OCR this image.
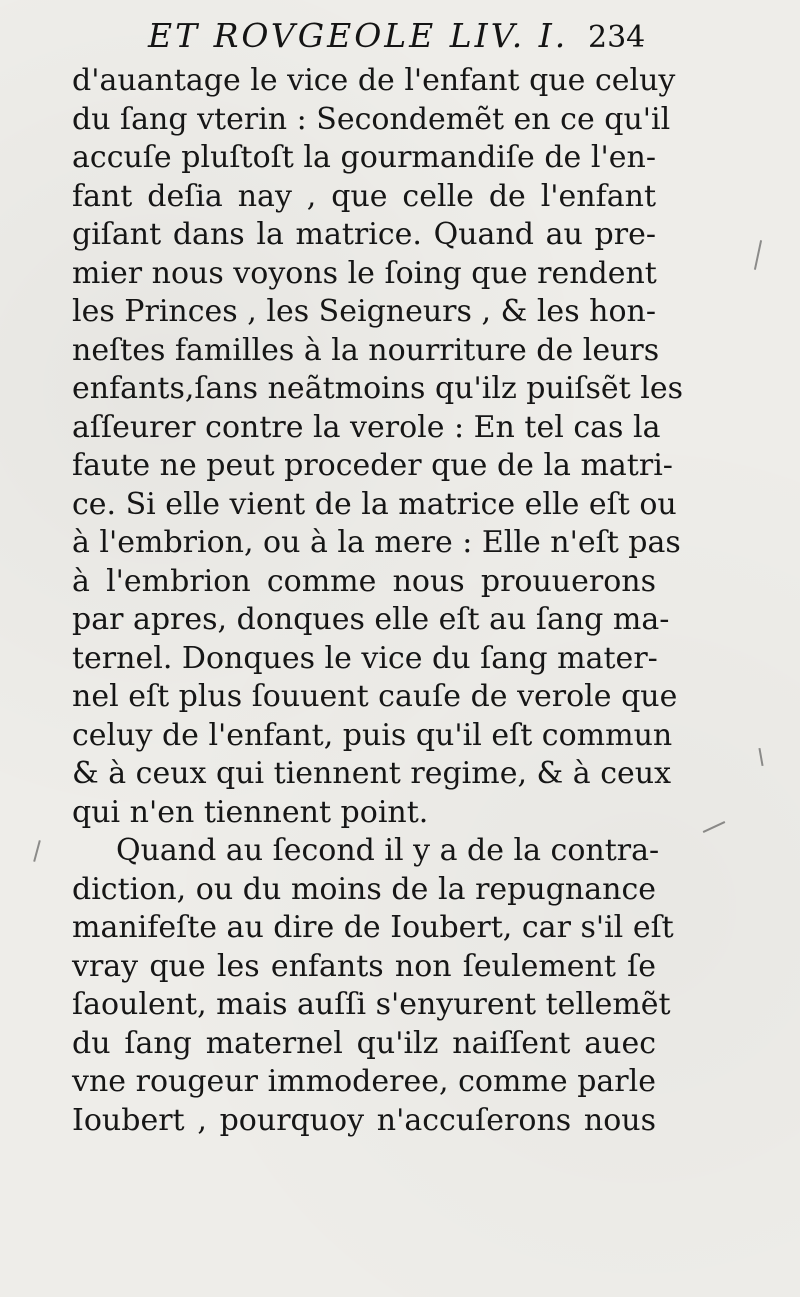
ET ROVGEOLE LIV. I. 234
d'auantage le vice de l'enfant que celuy
du ſang vterin : Secondemẽt en ce qu'il
accuſe pluſtoſt la gourmandiſe de l'en-
fant deſia nay , que celle de l'enfant
giſant dans la matrice. Quand au pre-
mier nous voyons le ſoing que rendent
les Princes , les Seigneurs , & les hon-
neſtes familles à la nourriture de leurs
enfants,ſans neãtmoins qu'ilz puiſsẽt les
aſſeurer contre la verole : En tel cas la
faute ne peut proceder que de la matri-
ce. Si elle vient de la matrice elle eſt ou
à l'embrion, ou à la mere : Elle n'eſt pas
à l'embrion comme nous prouuerons
par apres, donques elle eſt au ſang ma-
ternel. Donques le vice du ſang mater-
nel eſt plus ſouuent cauſe de verole que
celuy de l'enfant, puis qu'il eſt commun
& à ceux qui tiennent regime, & à ceux
qui n'en tiennent point.
Quand au ſecond il y a de la contra-
diction, ou du moins de la repugnance
manifeſte au dire de Ioubert, car s'il eſt
vray que les enfants non ſeulement ſe
ſaoulent, mais auſſi s'enyurent tellemẽt
du ſang maternel qu'ilz naiſſent auec
vne rougeur immoderee, comme parle
Ioubert , pourquoy n'accuſerons nous
